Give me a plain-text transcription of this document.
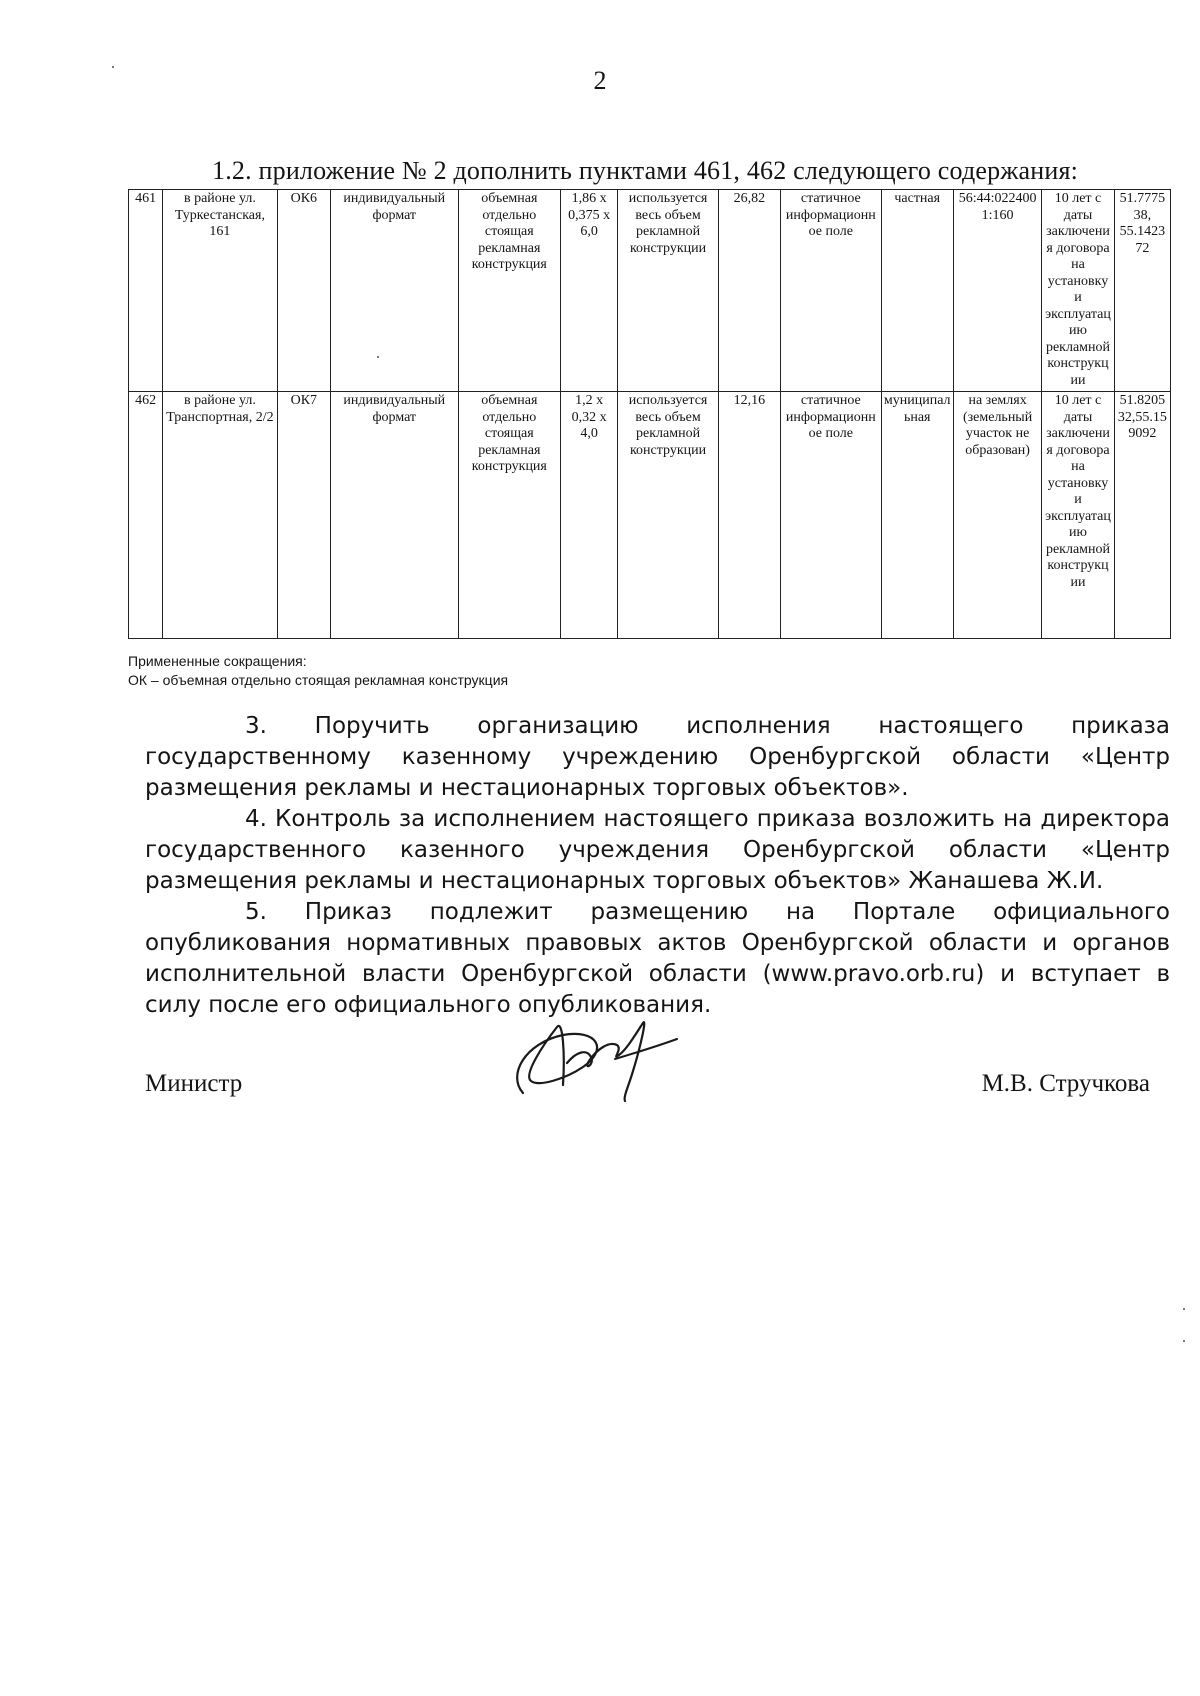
2
1.2. приложение № 2 дополнить пунктами 461, 462 следующего содержания:
461	в районе ул. Туркестанская, 161	ОК6	индивидуальный формат	объемная отдельно стоящая рекламная конструкция	1,86 х 0,375 х 6,0	используется весь объем рекламной конструкции	26,82	статичное информационное поле	частная	56:44:0224001:160	10 лет с даты заключения договора на установку и эксплуатацию рекламной конструкции	51.777538, 55.142372
462	в районе ул. Транспортная, 2/2	ОК7	индивидуальный формат	объемная отдельно стоящая рекламная конструкция	1,2 х 0,32 х 4,0	используется весь объем рекламной конструкции	12,16	статичное информационное поле	муниципальная	на землях (земельный участок не образован)	10 лет с даты заключения договора на установку и эксплуатацию рекламной конструкции	51.820532,55.159092
Примененные сокращения:
ОК – объемная отдельно стоящая рекламная конструкция
3. Поручить организацию исполнения настоящего приказа государственному казенному учреждению Оренбургской области «Центр размещения рекламы и нестационарных торговых объектов».
4. Контроль за исполнением настоящего приказа возложить на директора государственного казенного учреждения Оренбургской области «Центр размещения рекламы и нестационарных торговых объектов» Жанашева Ж.И.
5. Приказ подлежит размещению на Портале официального опубликования нормативных правовых актов Оренбургской области и органов исполнительной власти Оренбургской области (www.pravo.orb.ru) и вступает в силу после его официального опубликования.
Министр	М.В. Стручкова
